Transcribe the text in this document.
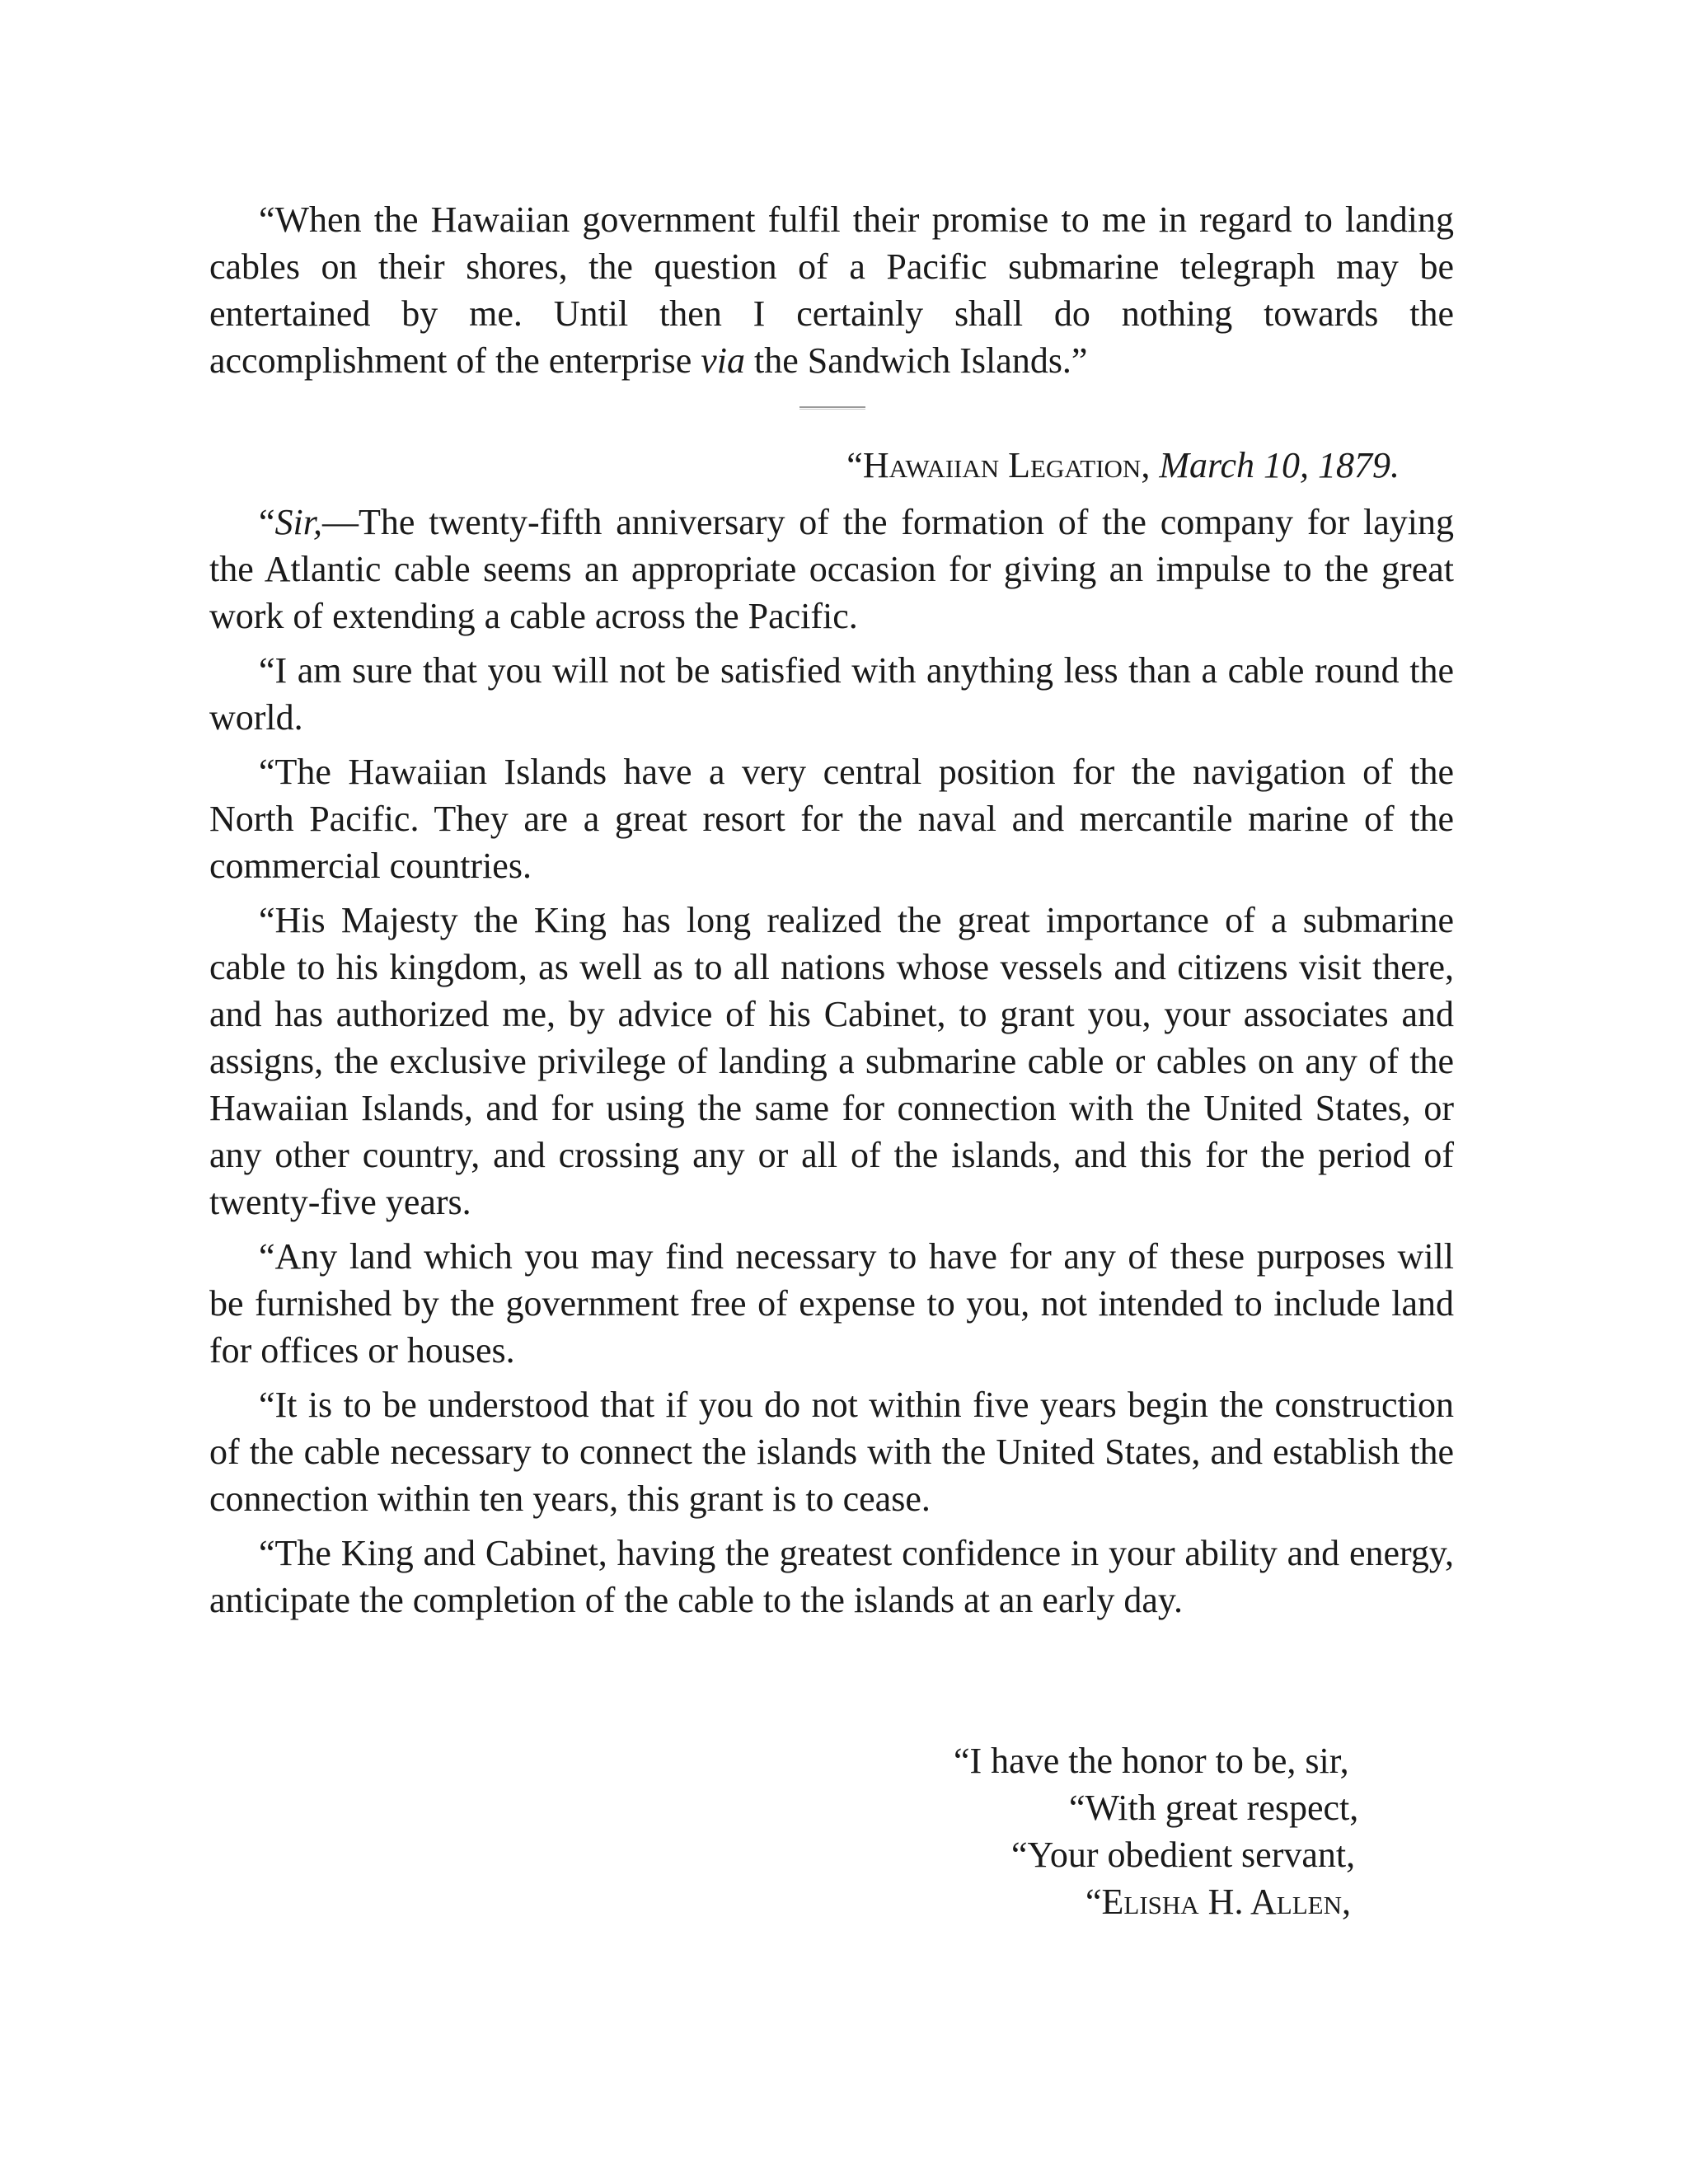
“When the Hawaiian government fulfil their promise to me in regard to landing cables on their shores, the question of a Pacific submarine telegraph may be entertained by me. Until then I certainly shall do nothing towards the accomplishment of the enterprise via the Sandwich Islands.”

“Hawaiian Legation, March 10, 1879.

“Sir,—The twenty-fifth anniversary of the formation of the company for laying the Atlantic cable seems an appropriate occasion for giving an impulse to the great work of extending a cable across the Pacific.

“I am sure that you will not be satisfied with anything less than a cable round the world.

“The Hawaiian Islands have a very central position for the navigation of the North Pacific. They are a great resort for the naval and mercantile marine of the commercial countries.

“His Majesty the King has long realized the great importance of a submarine cable to his kingdom, as well as to all nations whose vessels and citizens visit there, and has authorized me, by advice of his Cabinet, to grant you, your associates and assigns, the exclusive privilege of landing a submarine cable or cables on any of the Hawaiian Islands, and for using the same for connection with the United States, or any other country, and crossing any or all of the islands, and this for the period of twenty-five years.

“Any land which you may find necessary to have for any of these purposes will be furnished by the government free of expense to you, not intended to include land for offices or houses.

“It is to be understood that if you do not within five years begin the construction of the cable necessary to connect the islands with the United States, and establish the connection within ten years, this grant is to cease.

“The King and Cabinet, having the greatest confidence in your ability and energy, anticipate the completion of the cable to the islands at an early day.

“I have the honor to be, sir,
“With great respect,
“Your obedient servant,
“Elisha H. Allen,
